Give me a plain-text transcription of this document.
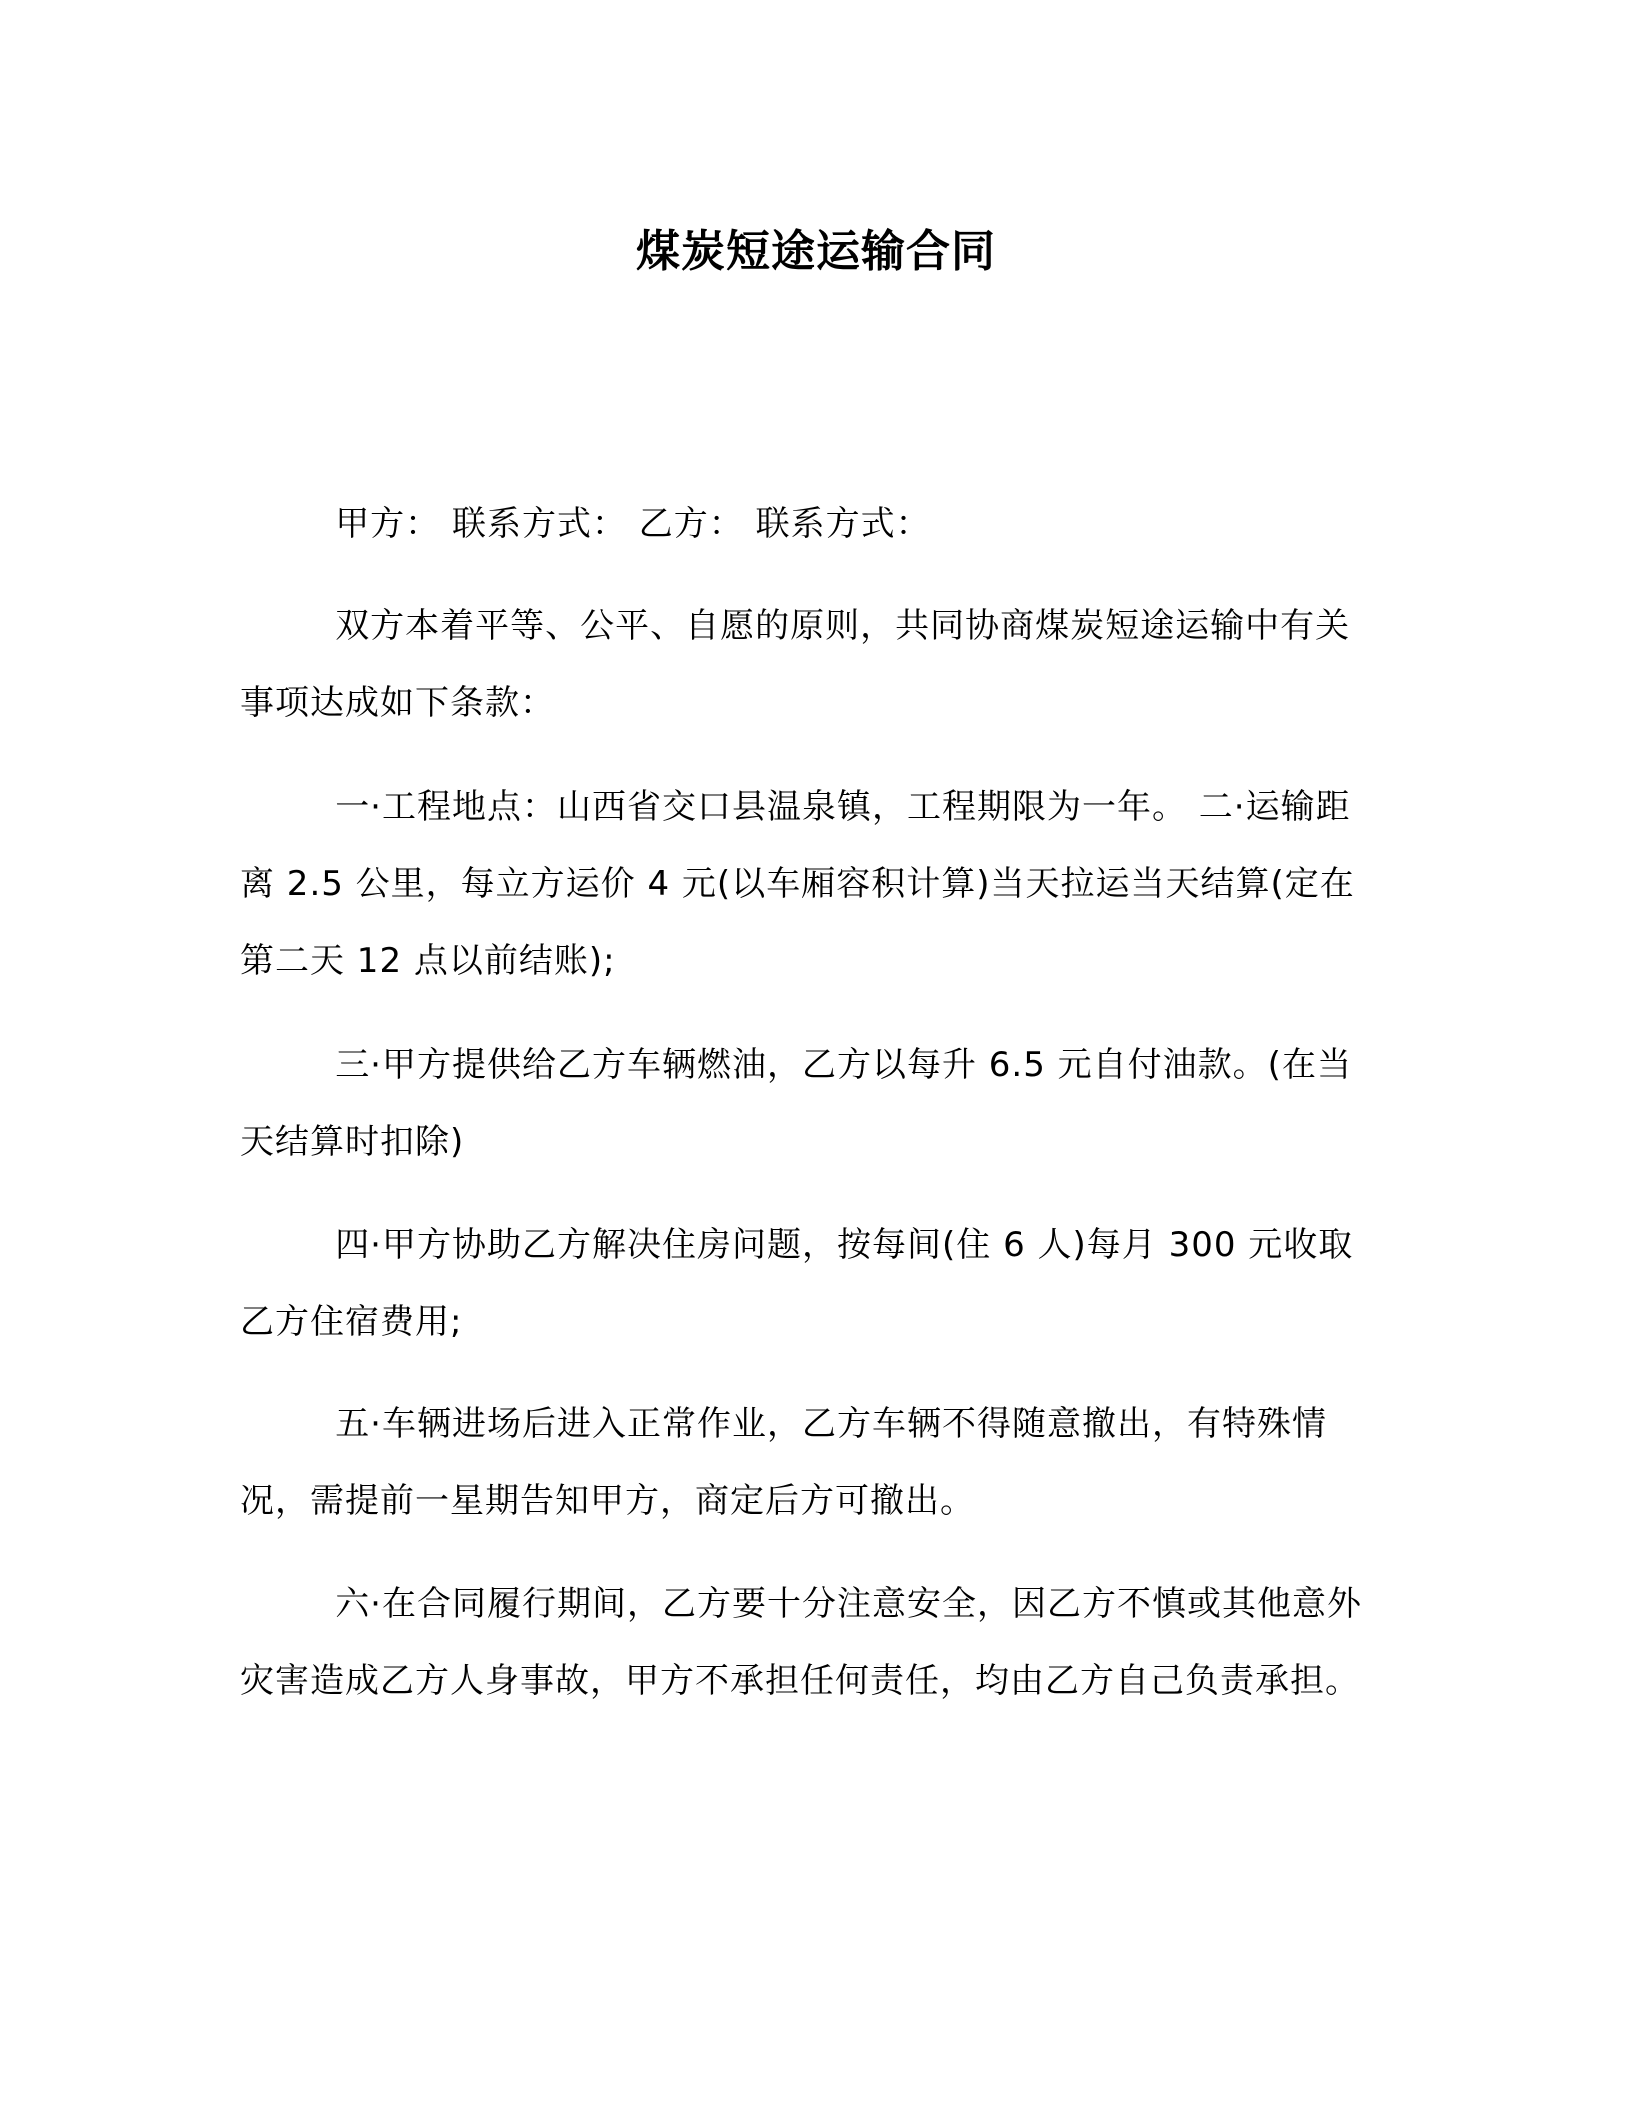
煤炭短途运输合同

甲方： 联系方式： 乙方： 联系方式：

双方本着平等、公平、自愿的原则，共同协商煤炭短途运输中有关事项达成如下条款：

一·工程地点：山西省交口县温泉镇，工程期限为一年。 二·运输距离 2.5 公里，每立方运价 4 元(以车厢容积计算)当天拉运当天结算(定在第二天 12 点以前结账);

三·甲方提供给乙方车辆燃油，乙方以每升 6.5 元自付油款。(在当天结算时扣除)

四·甲方协助乙方解决住房问题，按每间(住 6 人)每月 300 元收取乙方住宿费用;

五·车辆进场后进入正常作业，乙方车辆不得随意撤出，有特殊情况，需提前一星期告知甲方，商定后方可撤出。

六·在合同履行期间，乙方要十分注意安全，因乙方不慎或其他意外灾害造成乙方人身事故，甲方不承担任何责任，均由乙方自己负责承担。
